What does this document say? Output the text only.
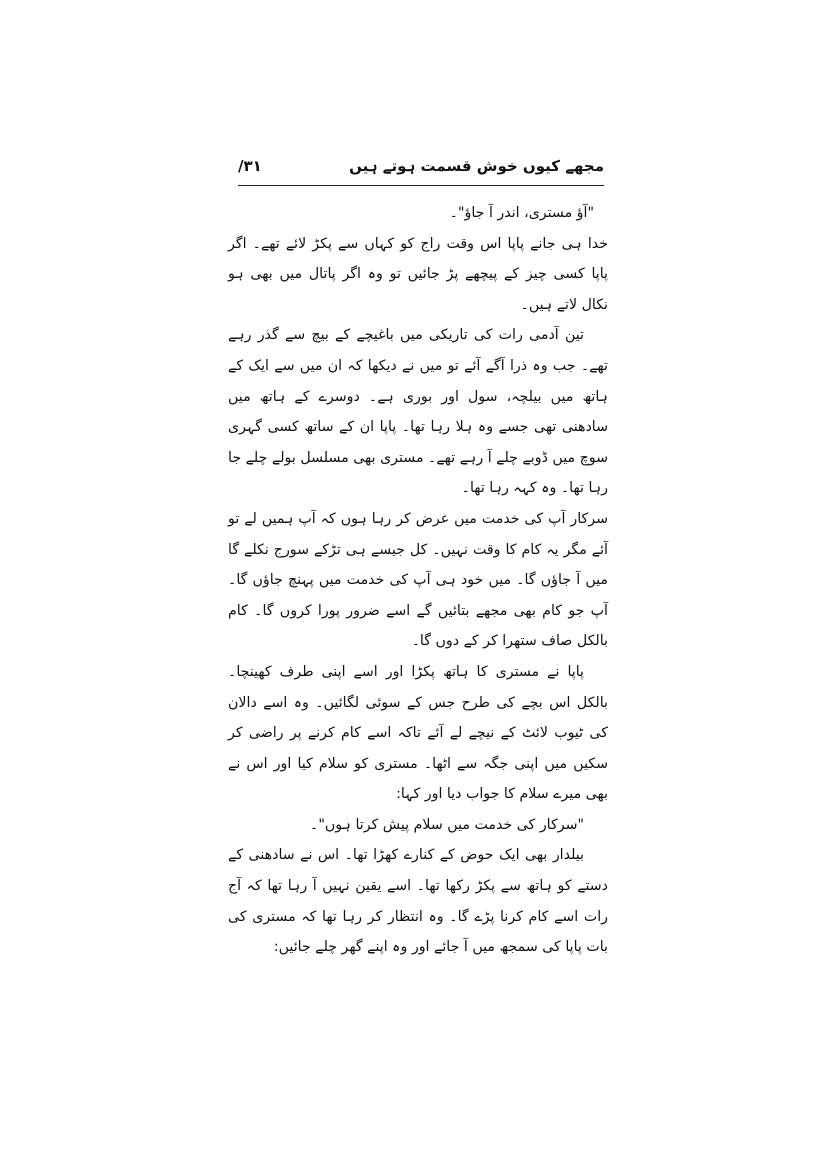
مجھے کیوں خوش قسمت ہوتے ہیں
۳۱/

"آؤ مستری، اندر آ جاؤ"۔

خدا ہی جانے پاپا اس وقت راج کو کہاں سے پکڑ لائے تھے۔ اگر پاپا کسی چیز کے پیچھے پڑ جائیں تو وہ اگر پاتال میں بھی ہو نکال لاتے ہیں۔

تین آدمی رات کی تاریکی میں باغیچے کے بیچ سے گذر رہے تھے۔ جب وہ ذرا آگے آئے تو میں نے دیکھا کہ ان میں سے ایک کے ہاتھ میں بیلچہ، سول اور بوری ہے۔ دوسرے کے ہاتھ میں سادھنی تھی جسے وہ ہلا رہا تھا۔ پاپا ان کے ساتھ کسی گہری سوچ میں ڈوبے چلے آ رہے تھے۔ مستری بھی مسلسل بولے چلے جا رہا تھا۔ وہ کہہ رہا تھا۔

سرکار آپ کی خدمت میں عرض کر رہا ہوں کہ آپ ہمیں لے تو آئے مگر یہ کام کا وقت نہیں۔ کل جیسے ہی تڑکے سورج نکلے گا میں آ جاؤں گا۔ میں خود ہی آپ کی خدمت میں پہنچ جاؤں گا۔ آپ جو کام بھی مجھے بتائیں گے اسے ضرور پورا کروں گا۔ کام بالکل صاف ستھرا کر کے دوں گا۔

پاپا نے مستری کا ہاتھ پکڑا اور اسے اپنی طرف کھینچا۔ بالکل اس بچے کی طرح جس کے سوئی لگائیں۔ وہ اسے دالان کی ٹیوب لائٹ کے نیچے لے آئے تاکہ اسے کام کرنے پر راضی کر سکیں میں اپنی جگہ سے اٹھا۔ مستری کو سلام کیا اور اس نے بھی میرے سلام کا جواب دیا اور کہا:

"سرکار کی خدمت میں سلام پیش کرتا ہوں"۔

بیلدار بھی ایک حوض کے کنارے کھڑا تھا۔ اس نے سادھنی کے دستے کو ہاتھ سے پکڑ رکھا تھا۔ اسے یقین نہیں آ رہا تھا کہ آج رات اسے کام کرنا پڑے گا۔ وہ انتظار کر رہا تھا کہ مستری کی بات پاپا کی سمجھ میں آ جائے اور وہ اپنے گھر چلے جائیں:
